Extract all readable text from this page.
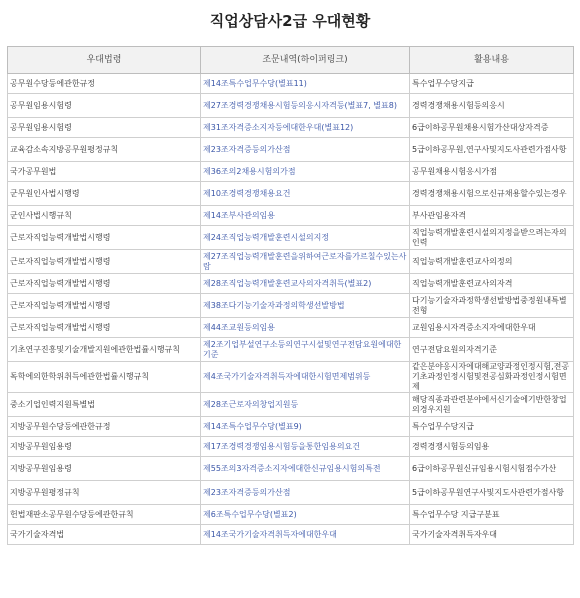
직업상담사2급 우대현황
우대법령	조문내역(하이퍼링크)	활용내용
공무원수당등에관한규정	제14조특수업무수당(별표11)	특수업무수당지급
공무원임용시험령	제27조경력경쟁채용시험등의응시자격등(별표7, 별표8)	경력경쟁채용시험등의응시
공무원임용시험령	제31조자격증소지자등에대한우대(별표12)	6급이하공무원채용시험가산대상자격증
교육감소속지방공무원평정규칙	제23조자격증등의가산점	5급이하공무원,연구사및지도사관련가점사항
국가공무원법	제36조의2채용시험의가점	공무원채용시험응시가점
군무원인사법시행령	제10조경력경쟁채용요건	경력경쟁채용시험으로신규채용할수있는경우
군인사법시행규칙	제14조부사관의임용	부사관임용자격
근로자직업능력개발법시행령	제24조직업능력개발훈련시설의지정	직업능력개발훈련시설의지정을받으려는자의인력
근로자직업능력개발법시행령	제27조직업능력개발훈련을위하여근로자를가르칠수있는사람	직업능력개발훈련교사의정의
근로자직업능력개발법시행령	제28조직업능력개발훈련교사의자격취득(별표2)	직업능력개발훈련교사의자격
근로자직업능력개발법시행령	제38조다기능기술자과정의학생선발방법	다기능기술자과정학생선발방법중정원내특별전형
근로자직업능력개발법시행령	제44조교원등의임용	교원임용시자격증소지자에대한우대
기초연구진흥및기술개발지원에관한법률시행규칙	제2조기업부설연구소등의연구시설및연구전담요원에대한기준	연구전담요원의자격기준
독학에의한학위취득에관한법률시행규칙	제4조국가기술자격취득자에대한시험면제범위등	같은분야응시자에대해교양과정인정시험,전공기초과정인정시험및전공심화과정인정시험면제
중소기업인력지원특별법	제28조근로자의창업지원등	해당직종과관련분야에서신기술에기반한창업의경우지원
지방공무원수당등에관한규정	제14조특수업무수당(별표9)	특수업무수당지급
지방공무원임용령	제17조경력경쟁임용시험등을통한임용의요건	경력경쟁시험등의임용
지방공무원임용령	제55조의3자격증소지자에대한신규임용시험의특전	6급이하공무원신규임용시험시험점수가산
지방공무원평정규칙	제23조자격증등의가산점	5급이하공무원연구사및지도사관련가점사항
헌법재판소공무원수당등에관한규칙	제6조특수업무수당(별표2)	특수업무수당 지급구분표
국가기술자격법	제14조국가기술자격취득자에대한우대	국가기술자격취득자우대
